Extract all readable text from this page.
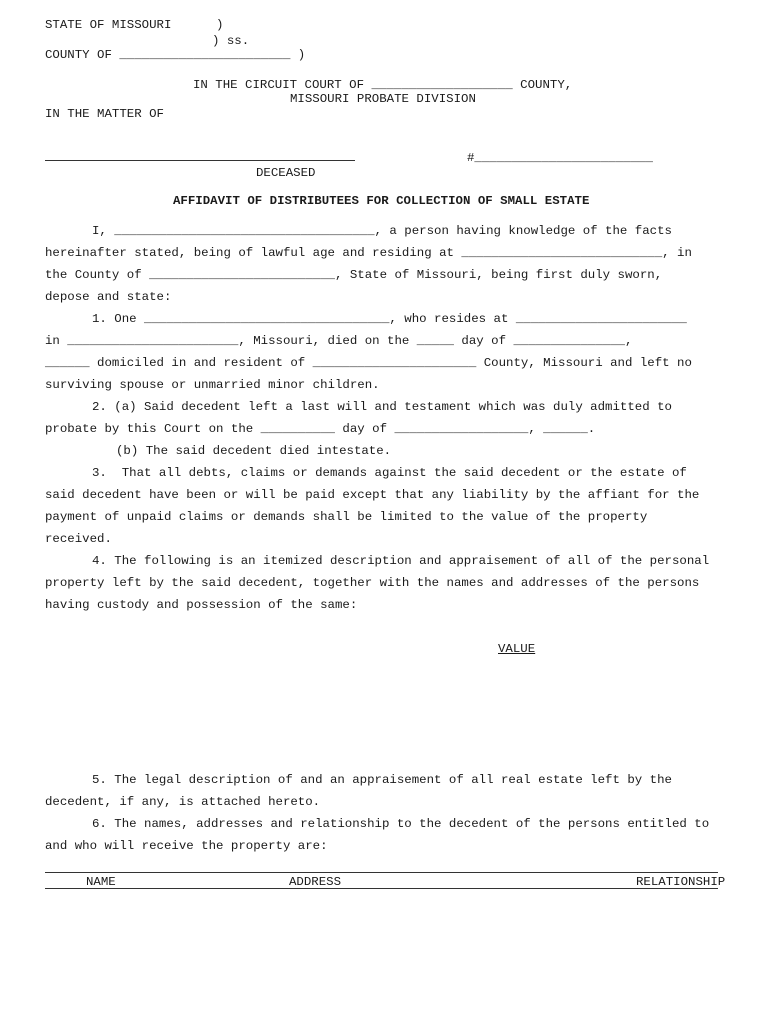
STATE OF MISSOURI      )
) ss.
COUNTY OF _______________________ )
IN THE CIRCUIT COURT OF ___________________ COUNTY,
MISSOURI PROBATE DIVISION
IN THE MATTER OF
#________________________
DECEASED
AFFIDAVIT OF DISTRIBUTEES FOR COLLECTION OF SMALL ESTATE
I, ___________________________________, a person having knowledge of the facts
hereinafter stated, being of lawful age and residing at ___________________________, in
the County of _________________________, State of Missouri, being first duly sworn,
depose and state:
1. One _________________________________, who resides at _______________________
in _______________________, Missouri, died on the _____ day of _______________,
______ domiciled in and resident of ______________________ County, Missouri and left no
surviving spouse or unmarried minor children.
2. (a) Said decedent left a last will and testament which was duly admitted to
probate by this Court on the __________ day of __________________, ______.
(b) The said decedent died intestate.
3.  That all debts, claims or demands against the said decedent or the estate of
said decedent have been or will be paid except that any liability by the affiant for the
payment of unpaid claims or demands shall be limited to the value of the property
received.
4. The following is an itemized description and appraisement of all of the personal
property left by the said decedent, together with the names and addresses of the persons
having custody and possession of the same:
VALUE
5. The legal description of and an appraisement of all real estate left by the
decedent, if any, is attached hereto.
6. The names, addresses and relationship to the decedent of the persons entitled to
and who will receive the property are:
NAME	ADDRESS	RELATIONSHIP
